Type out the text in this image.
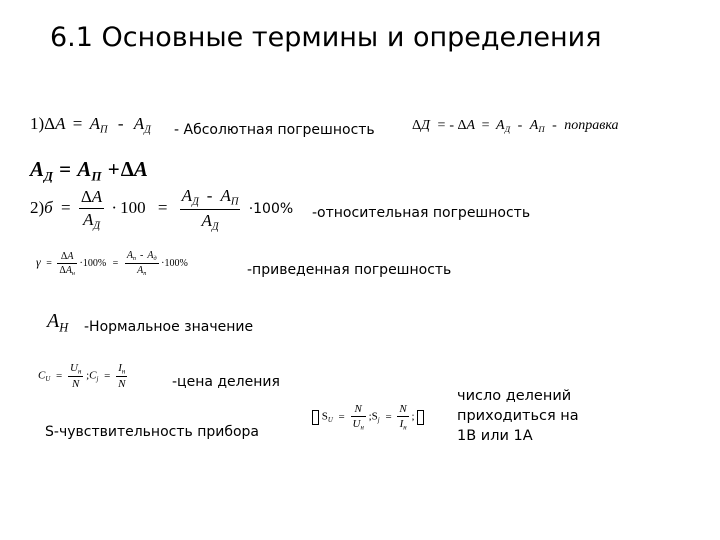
6.1 Основные термины и определения
$1)\Delta A = A_П - A_Д$ - Абсолютная погрешность	ΔД = - $\Delta A = A_Д - A_П$ - поправка
$A_Д = A_П +\Delta A$
$2)б = \frac{\Delta A}{A_Д} \cdot 100 = \frac{A_Д - A_П}{A_Д} \cdot 100\%$ -относительная погрешность
$\gamma = \frac{\Delta A}{\Delta A_н} \cdot 100\% = \frac{A_п - A_д}{A_п} \cdot 100\%$	-приведенная погрешность
$A_Н$ -Нормальное значение
$C_U = \frac{U_н}{N}$ $;C_j = \frac{I_н}{N}$	-цена деления
S-чувствительность прибора
$S_U = \frac{N}{U_н}$ $;S_j = \frac{N}{I_н}$ ;
число делений приходиться на 1В или 1А
